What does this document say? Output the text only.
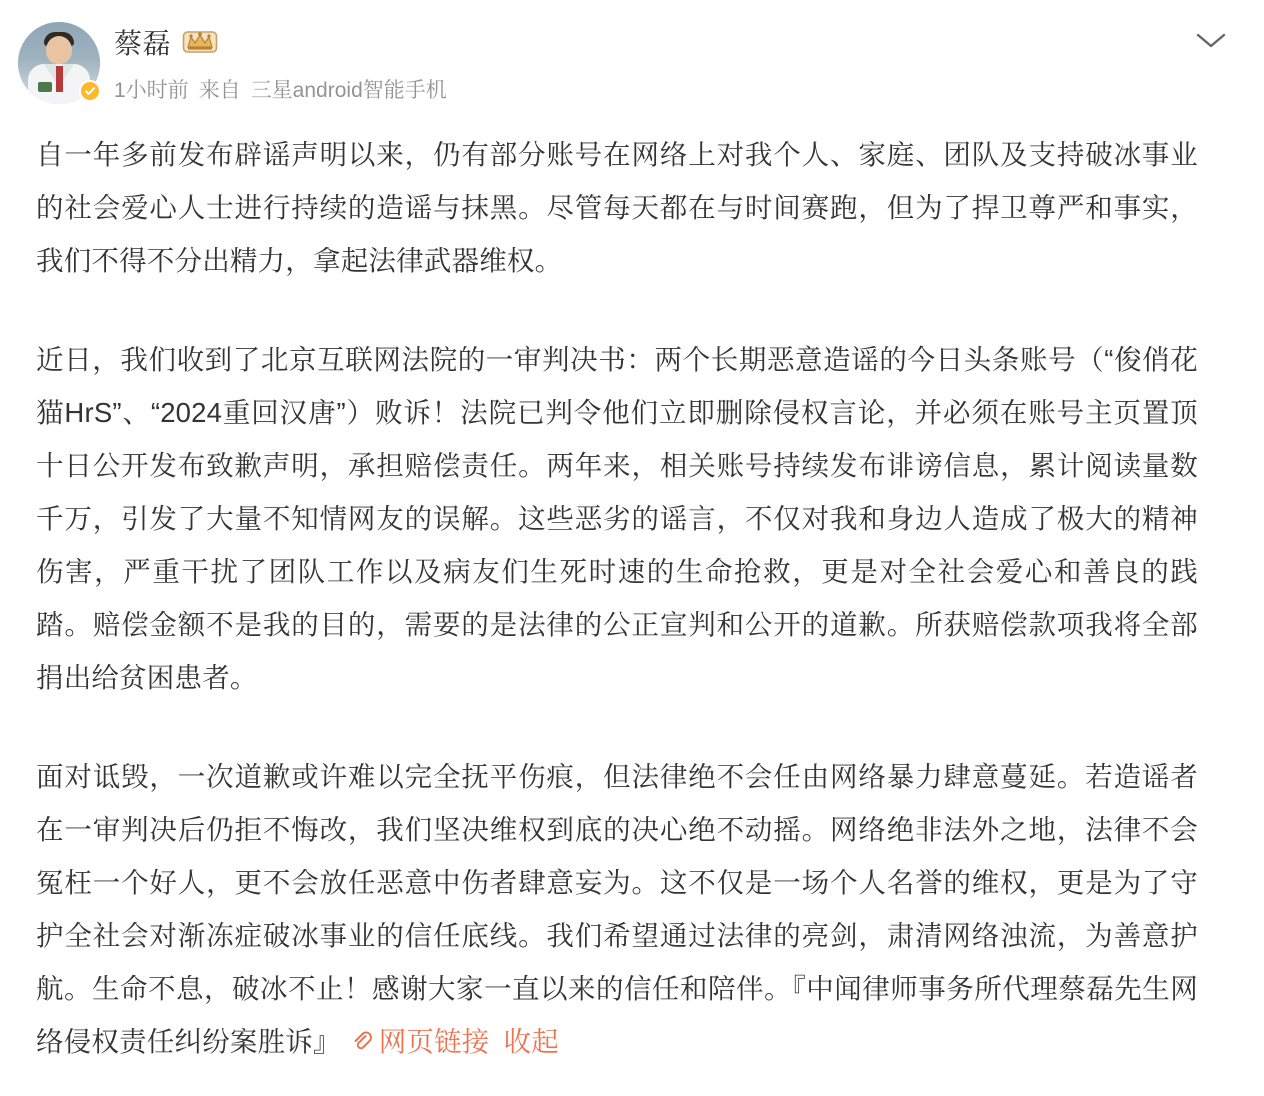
蔡磊
1小时前 来自 三星android智能手机

自一年多前发布辟谣声明以来，仍有部分账号在网络上对我个人、家庭、团队及支持破冰事业的社会爱心人士进行持续的造谣与抹黑。尽管每天都在与时间赛跑，但为了捍卫尊严和事实，我们不得不分出精力，拿起法律武器维权。

近日，我们收到了北京互联网法院的一审判决书：两个长期恶意造谣的今日头条账号（“俊俏花猫HrS”、“2024重回汉唐”）败诉！法院已判令他们立即删除侵权言论，并必须在账号主页置顶十日公开发布致歉声明，承担赔偿责任。两年来，相关账号持续发布诽谤信息，累计阅读量数千万，引发了大量不知情网友的误解。这些恶劣的谣言，不仅对我和身边人造成了极大的精神伤害，严重干扰了团队工作以及病友们生死时速的生命抢救，更是对全社会爱心和善良的践踏。赔偿金额不是我的目的，需要的是法律的公正宣判和公开的道歉。所获赔偿款项我将全部捐出给贫困患者。

面对诋毁，一次道歉或许难以完全抚平伤痕，但法律绝不会任由网络暴力肆意蔓延。若造谣者在一审判决后仍拒不悔改，我们坚决维权到底的决心绝不动摇。网络绝非法外之地，法律不会冤枉一个好人，更不会放任恶意中伤者肆意妄为。这不仅是一场个人名誉的维权，更是为了守护全社会对渐冻症破冰事业的信任底线。我们希望通过法律的亮剑，肃清网络浊流，为善意护航。生命不息，破冰不止！感谢大家一直以来的信任和陪伴。『中闻律师事务所代理蔡磊先生网络侵权责任纠纷案胜诉』 网页链接 收起
